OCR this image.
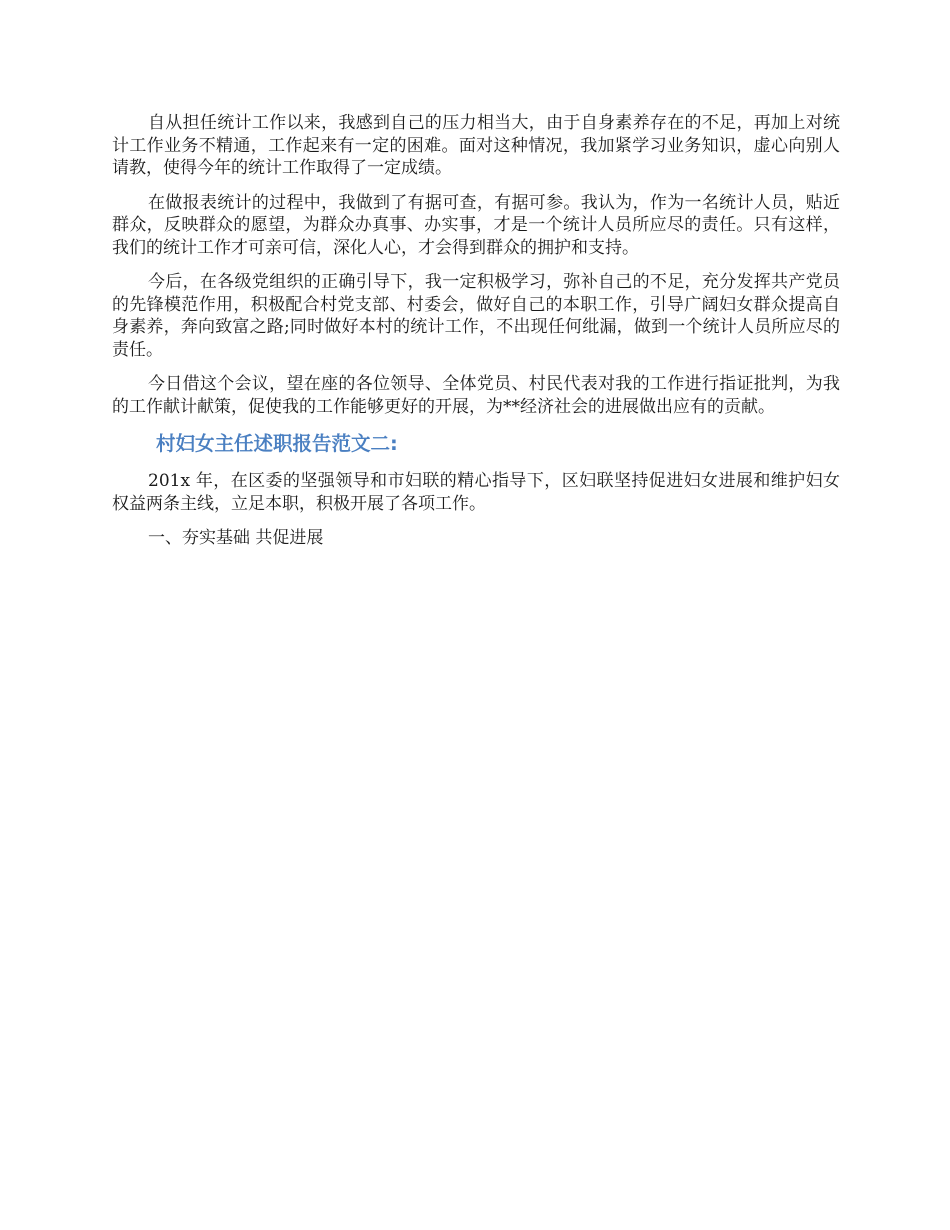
自从担任统计工作以来，我感到自己的压力相当大，由于自身素养存在的不足，再加上对统计工作业务不精通，工作起来有一定的困难。面对这种情况，我加紧学习业务知识，虚心向别人请教，使得今年的统计工作取得了一定成绩。

在做报表统计的过程中，我做到了有据可查，有据可参。我认为，作为一名统计人员，贴近群众，反映群众的愿望，为群众办真事、办实事，才是一个统计人员所应尽的责任。只有这样，我们的统计工作才可亲可信，深化人心，才会得到群众的拥护和支持。

今后，在各级党组织的正确引导下，我一定积极学习，弥补自己的不足，充分发挥共产党员的先锋模范作用，积极配合村党支部、村委会，做好自己的本职工作，引导广阔妇女群众提高自身素养，奔向致富之路;同时做好本村的统计工作，不出现任何纰漏，做到一个统计人员所应尽的责任。

今日借这个会议，望在座的各位领导、全体党员、村民代表对我的工作进行指证批判，为我的工作献计献策，促使我的工作能够更好的开展，为**经济社会的进展做出应有的贡献。

村妇女主任述职报告范文二:

201x 年，在区委的坚强领导和市妇联的精心指导下，区妇联坚持促进妇女进展和维护妇女权益两条主线，立足本职，积极开展了各项工作。

一、夯实基础 共促进展
